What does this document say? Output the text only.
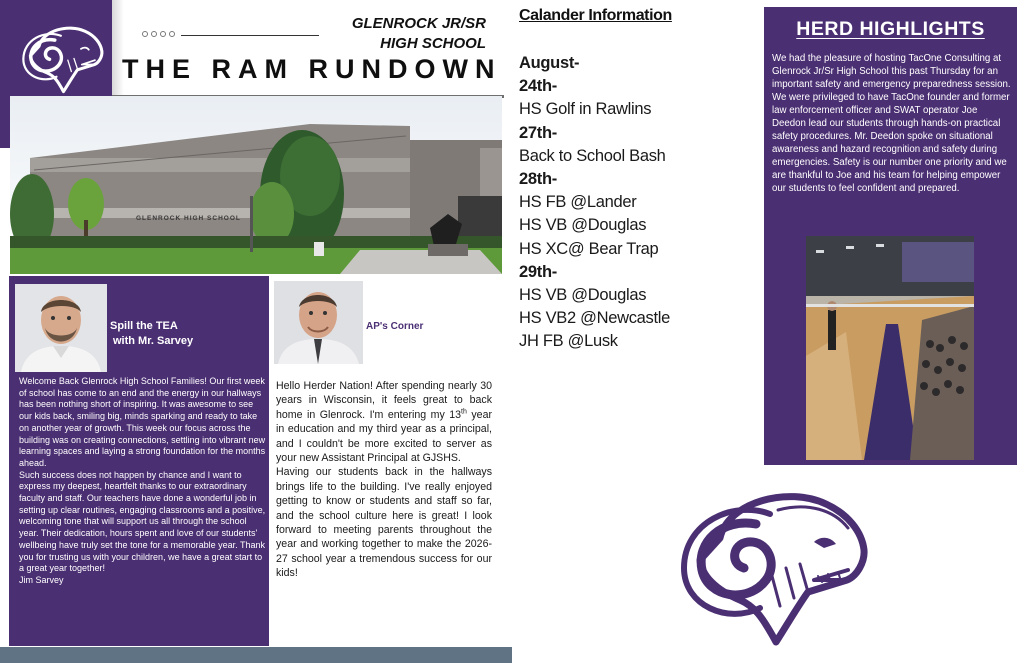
GLENROCK JR/SR
HIGH SCHOOL
THE RAM RUNDOWN
GLENROCK HIGH SCHOOL
Spill the TEA
with Mr. Sarvey

Welcome Back Glenrock High School Families! Our first week of school has come to an end and the energy in our hallways has been nothing short of inspiring. It was awesome to see our kids back, smiling big, minds sparking and ready to take on another year of growth. This week our focus across the building was on creating connections, settling into vibrant new learning spaces and laying a strong foundation for the months ahead.

Such success does not happen by chance and I want to express my deepest, heartfelt thanks to our extraordinary faculty and staff. Our teachers have done a wonderful job in setting up clear routines, engaging classrooms and a positive, welcoming tone that will support us all through the school year. Their dedication, hours spent and love of our students' wellbeing have truly set the tone for a memorable year. Thank you for trusting us with your children, we have a great start to a great year together!

Jim Sarvey

AP's Corner

Hello Herder Nation! After spending nearly 30 years in Wisconsin, it feels great to back home in Glenrock. I'm entering my 13th year in education and my third year as a principal, and I couldn't be more excited to server as your new Assistant Principal at GJSHS.

Having our students back in the hallways brings life to the building. I've really enjoyed getting to know or students and staff so far, and the school culture here is great! I look forward to meeting parents throughout the year and working together to make the 2026-27 school year a tremendous success for our kids!

Calander Information
August-
24th-
HS Golf in Rawlins
27th-
Back to School Bash
28th-
HS FB @Lander
HS VB @Douglas
HS XC@ Bear Trap
29th-
HS VB @Douglas
HS VB2 @Newcastle
JH FB @Lusk
HERD HIGHLIGHTS
We had the pleasure of hosting TacOne Consulting at Glenrock Jr/Sr High School this past Thursday for an important safety and emergency preparedness session. We were privileged to have TacOne founder and former law enforcement officer and SWAT operator Joe Deedon lead our students through hands-on practical safety procedures. Mr. Deedon spoke on situational awareness and hazard recognition and safety during emergencies. Safety is our number one priority and we are thankful to Joe and his team for helping empower our students to feel confident and prepared.
